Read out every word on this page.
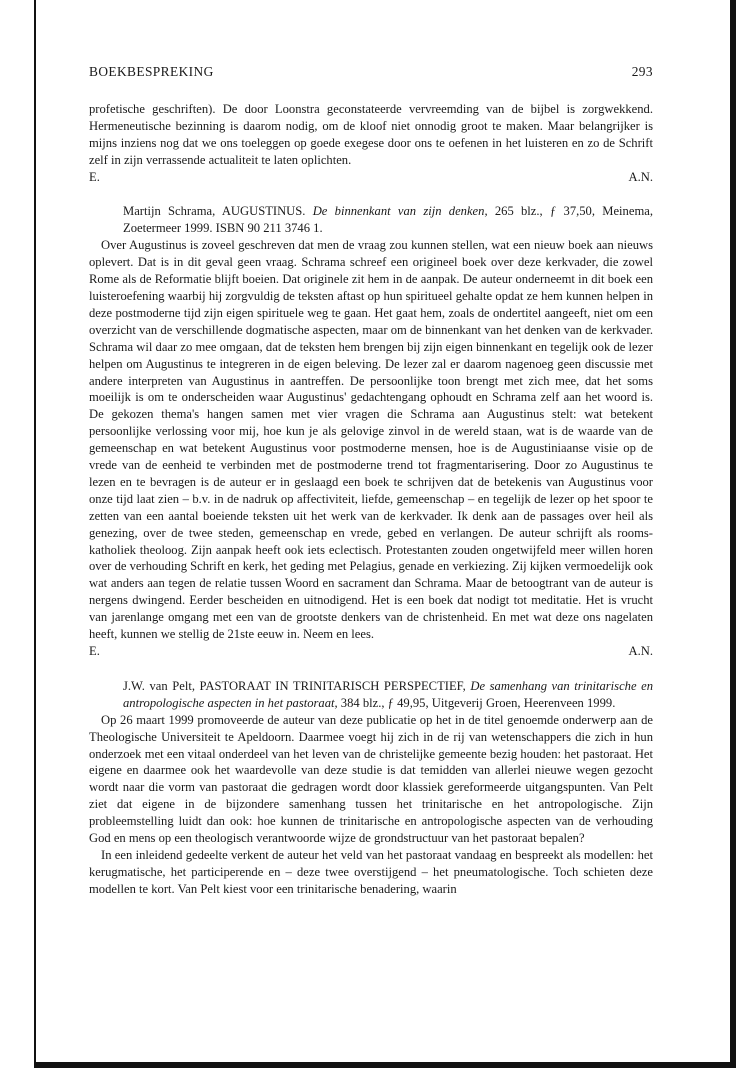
BOEKBESPREKING	293

profetische geschriften). De door Loonstra geconstateerde vervreemding van de bijbel is zorgwekkend. Hermeneutische bezinning is daarom nodig, om de kloof niet onnodig groot te maken. Maar belangrijker is mijns inziens nog dat we ons toeleggen op goede exegese door ons te oefenen in het luisteren en zo de Schrift zelf in zijn verrassende actualiteit te laten oplichten.

E.	A.N.

Martijn Schrama, AUGUSTINUS. De binnenkant van zijn denken, 265 blz., ƒ 37,50, Meinema, Zoetermeer 1999. ISBN 90 211 3746 1.

Over Augustinus is zoveel geschreven dat men de vraag zou kunnen stellen, wat een nieuw boek aan nieuws oplevert. Dat is in dit geval geen vraag. Schrama schreef een origineel boek over deze kerkvader, die zowel Rome als de Reformatie blijft boeien. Dat originele zit hem in de aanpak. De auteur onderneemt in dit boek een luisteroefening waarbij hij zorgvuldig de teksten aftast op hun spiritueel gehalte opdat ze hem kunnen helpen in deze postmoderne tijd zijn eigen spirituele weg te gaan. Het gaat hem, zoals de ondertitel aangeeft, niet om een overzicht van de verschillende dogmatische aspecten, maar om de binnenkant van het denken van de kerkvader. Schrama wil daar zo mee omgaan, dat de teksten hem brengen bij zijn eigen binnenkant en tegelijk ook de lezer helpen om Augustinus te integreren in de eigen beleving. De lezer zal er daarom nagenoeg geen discussie met andere interpreten van Augustinus in aantreffen. De persoonlijke toon brengt met zich mee, dat het soms moeilijk is om te onderscheiden waar Augustinus' gedachtengang ophoudt en Schrama zelf aan het woord is. De gekozen thema's hangen samen met vier vragen die Schrama aan Augustinus stelt: wat betekent persoonlijke verlossing voor mij, hoe kun je als gelovige zinvol in de wereld staan, wat is de waarde van de gemeenschap en wat betekent Augustinus voor postmoderne mensen, hoe is de Augustiniaanse visie op de vrede van de eenheid te verbinden met de postmoderne trend tot fragmentarisering. Door zo Augustinus te lezen en te bevragen is de auteur er in geslaagd een boek te schrijven dat de betekenis van Augustinus voor onze tijd laat zien – b.v. in de nadruk op affectiviteit, liefde, gemeenschap – en tegelijk de lezer op het spoor te zetten van een aantal boeiende teksten uit het werk van de kerkvader. Ik denk aan de passages over heil als genezing, over de twee steden, gemeenschap en vrede, gebed en verlangen. De auteur schrijft als rooms-katholiek theoloog. Zijn aanpak heeft ook iets eclectisch. Protestanten zouden ongetwijfeld meer willen horen over de verhouding Schrift en kerk, het geding met Pelagius, genade en verkiezing. Zij kijken vermoedelijk ook wat anders aan tegen de relatie tussen Woord en sacrament dan Schrama. Maar de betoogtrant van de auteur is nergens dwingend. Eerder bescheiden en uitnodigend. Het is een boek dat nodigt tot meditatie. Het is vrucht van jarenlange omgang met een van de grootste denkers van de christenheid. En met wat deze ons nagelaten heeft, kunnen we stellig de 21ste eeuw in. Neem en lees.

E.	A.N.

J.W. van Pelt, PASTORAAT IN TRINITARISCH PERSPECTIEF, De samenhang van trinitarische en antropologische aspecten in het pastoraat, 384 blz., ƒ 49,95, Uitgeverij Groen, Heerenveen 1999.

Op 26 maart 1999 promoveerde de auteur van deze publicatie op het in de titel genoemde onderwerp aan de Theologische Universiteit te Apeldoorn. Daarmee voegt hij zich in de rij van wetenschappers die zich in hun onderzoek met een vitaal onderdeel van het leven van de christelijke gemeente bezig houden: het pastoraat. Het eigene en daarmee ook het waardevolle van deze studie is dat temidden van allerlei nieuwe wegen gezocht wordt naar die vorm van pastoraat die gedragen wordt door klassiek gereformeerde uitgangspunten. Van Pelt ziet dat eigene in de bijzondere samenhang tussen het trinitarische en het antropologische. Zijn probleemstelling luidt dan ook: hoe kunnen de trinitarische en antropologische aspecten van de verhouding God en mens op een theologisch verantwoorde wijze de grondstructuur van het pastoraat bepalen?

In een inleidend gedeelte verkent de auteur het veld van het pastoraat vandaag en bespreekt als modellen: het kerugmatische, het participerende en – deze twee overstijgend – het pneumatologische. Toch schieten deze modellen te kort. Van Pelt kiest voor een trinitarische benadering, waarin
